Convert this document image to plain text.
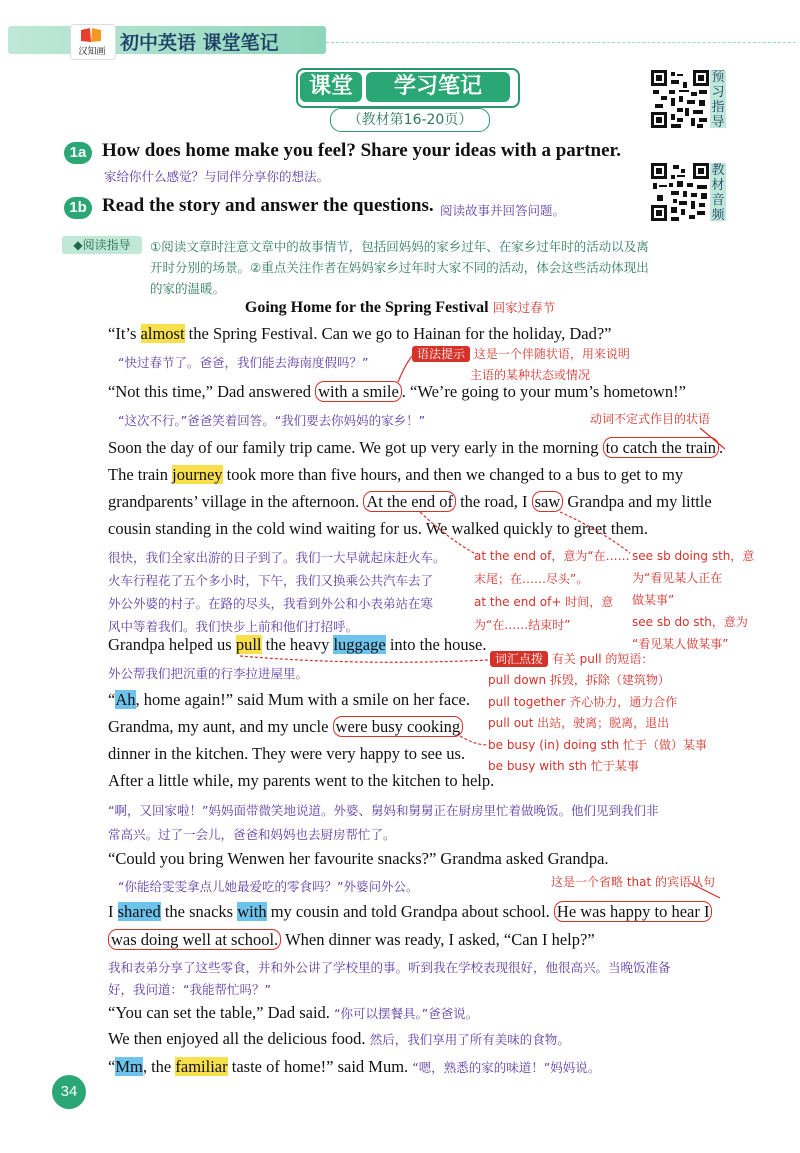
汉知画 初中英语 课堂笔记
课堂	学习笔记
（教材第16-20页）
预习指导
教材音频
1a How does home make you feel? Share your ideas with a partner.
家给你什么感觉？与同伴分享你的想法。
1b Read the story and answer the questions. 阅读故事并回答问题。
◆阅读指导	①阅读文章时注意文章中的故事情节，包括回妈妈的家乡过年、在家乡过年时的活动以及离
开时分别的场景。②重点关注作者在妈妈家乡过年时大家不同的活动，体会这些活动体现出
的家的温暖。
Going Home for the Spring Festival 回家过春节
“It’s almost the Spring Festival. Can we go to Hainan for the holiday, Dad?”
“快过春节了。爸爸，我们能去海南度假吗？”
语法提示 这是一个伴随状语，用来说明
主语的某种状态或情况
“Not this time,” Dad answered with a smile . “We’re going to your mum’s hometown!”
“这次不行。”爸爸笑着回答。“我们要去你妈妈的家乡！”	动词不定式作目的状语
Soon the day of our family trip came. We got up very early in the morning to catch the train .
The train journey took more than five hours, and then we changed to a bus to get to my
grandparents’ village in the afternoon. At the end of the road, I saw Grandpa and my little
cousin standing in the cold wind waiting for us. We walked quickly to greet them.
很快，我们全家出游的日子到了。我们一大早就起床赶火车。
火车行程花了五个多小时，下午，我们又换乘公共汽车去了
外公外婆的村子。在路的尽头，我看到外公和小表弟站在寒
风中等着我们。我们快步上前和他们打招呼。
at the end of，意为“在……
末尾；在……尽头”。
at the end of+ 时间，意
为“在……结束时”
see sb doing sth，意
为“看见某人正在
做某事”
see sb do sth，意为
“看见某人做某事”
Grandpa helped us pull the heavy luggage into the house.
外公帮我们把沉重的行李拉进屋里。
词汇点拨 有关 pull 的短语：
pull down 拆毁，拆除（建筑物）
pull together 齐心协力，通力合作
pull out 出站，驶离；脱离，退出
be busy (in) doing sth 忙于（做）某事
be busy with sth 忙于某事
“Ah, home again!” said Mum with a smile on her face.
Grandma, my aunt, and my uncle were busy cooking
dinner in the kitchen. They were very happy to see us.
After a little while, my parents went to the kitchen to help.
“啊，又回家啦！”妈妈面带微笑地说道。外婆、舅妈和舅舅正在厨房里忙着做晚饭。他们见到我们非
常高兴。过了一会儿，爸爸和妈妈也去厨房帮忙了。
“Could you bring Wenwen her favourite snacks?” Grandma asked Grandpa.
“你能给雯雯拿点儿她最爱吃的零食吗？”外婆问外公。	这是一个省略 that 的宾语从句
I shared the snacks with my cousin and told Grandpa about school. He was happy to hear I
was doing well at school. When dinner was ready, I asked, “Can I help?”
我和表弟分享了这些零食，并和外公讲了学校里的事。听到我在学校表现很好，他很高兴。当晚饭准备
好，我问道：“我能帮忙吗？”
“You can set the table,” Dad said. “你可以摆餐具。”爸爸说。
We then enjoyed all the delicious food. 然后，我们享用了所有美味的食物。
“Mm, the familiar taste of home!” said Mum. “嗯，熟悉的家的味道！”妈妈说。
34
